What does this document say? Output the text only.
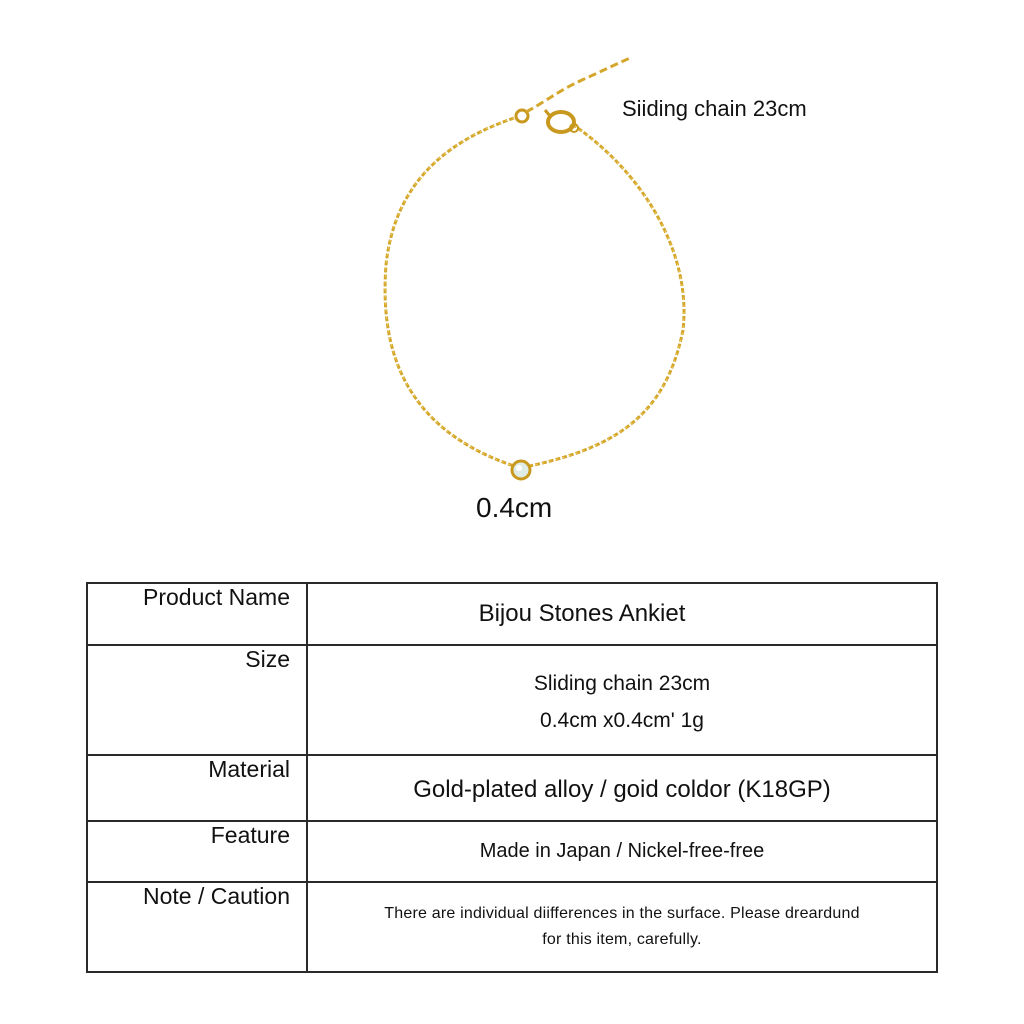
Siiding chain 23cm
0.4cm
Product Name	Bijou Stones Ankiet

Size	Sliding chain 23cm
0.4cm x0.4cm' 1g

Material	Gold-plated alloy / goid coldor (K18GP)

Feature	Made in Japan / Nickel-free-free

Note / Caution	There are individual diifferences in the surface. Please dreardund
for this item, carefully.
